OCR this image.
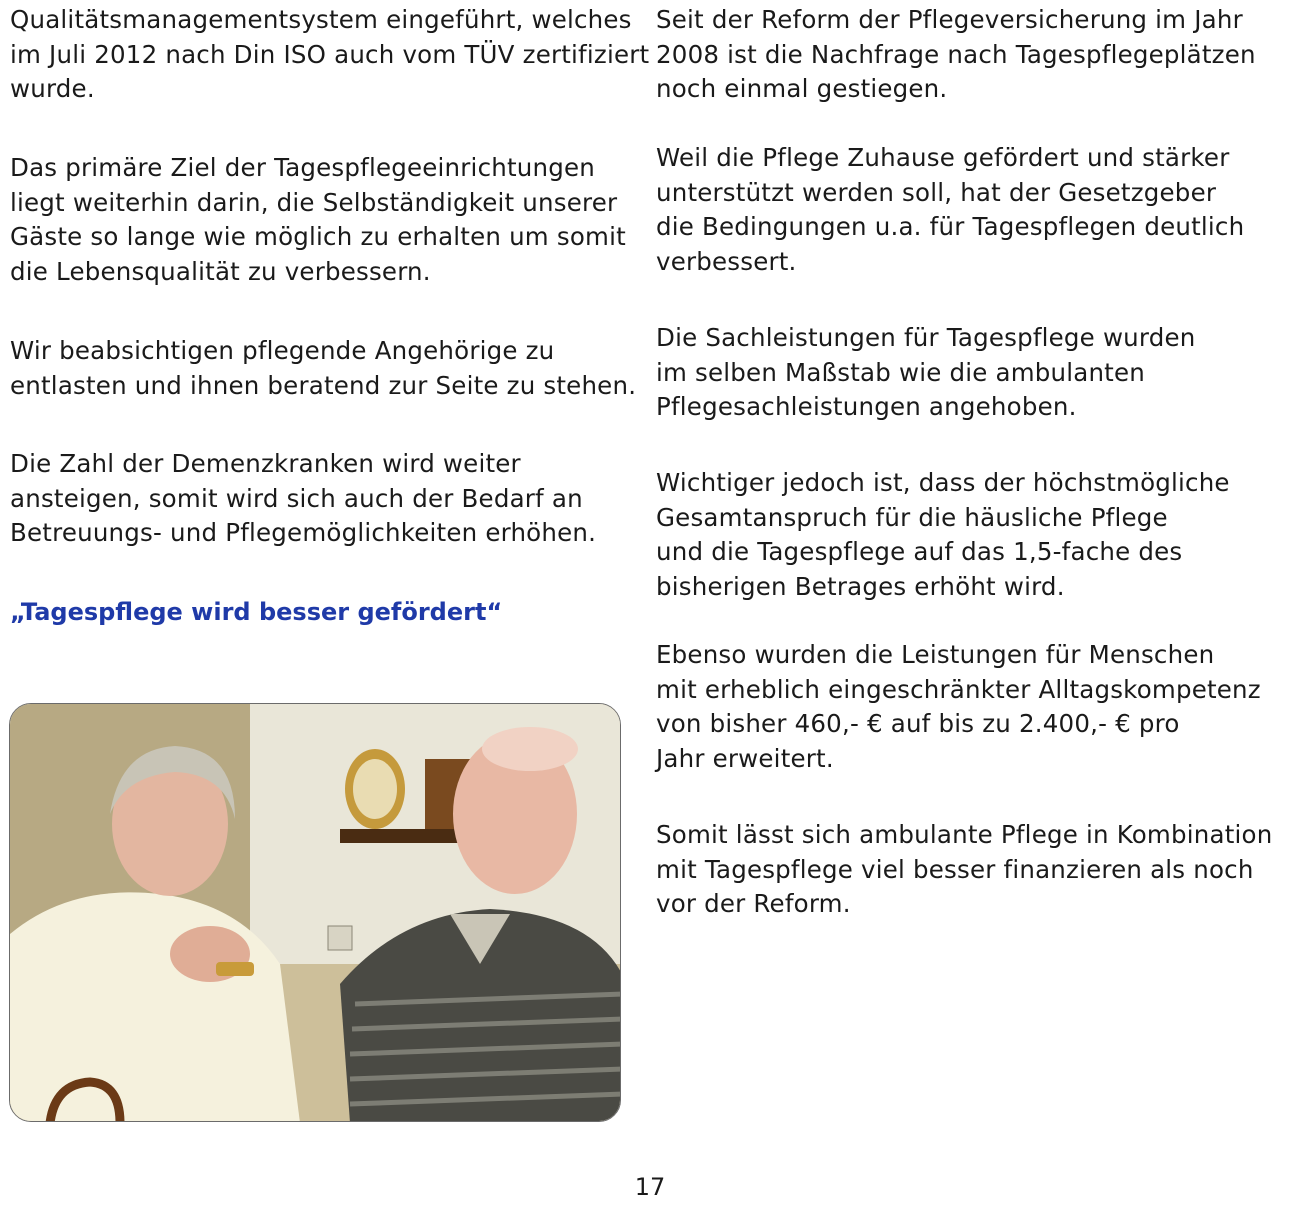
Qualitätsmanagementsystem eingeführt, welches
im Juli 2012 nach Din ISO auch vom TÜV zertifiziert
wurde.

Das primäre Ziel der Tagespflegeeinrichtungen
liegt weiterhin darin, die Selbständigkeit unserer
Gäste so lange wie möglich zu erhalten um somit
die Lebensqualität zu verbessern.

Wir beabsichtigen pflegende Angehörige zu
entlasten und ihnen beratend zur Seite zu stehen.

Die Zahl der Demenzkranken wird weiter
ansteigen, somit wird sich auch der Bedarf an
Betreuungs- und Pflegemöglichkeiten erhöhen.

„Tagespflege wird besser gefördert“

Seit der Reform der Pflegeversicherung im Jahr
2008 ist die Nachfrage nach Tagespflegeplätzen
noch einmal gestiegen.

Weil die Pflege Zuhause gefördert und stärker
unterstützt werden soll, hat der Gesetzgeber
die Bedingungen u.a. für Tagespflegen deutlich
verbessert.

Die Sachleistungen für Tagespflege wurden
im selben Maßstab wie die ambulanten
Pflegesachleistungen angehoben.

Wichtiger jedoch ist, dass der höchstmögliche
Gesamtanspruch für die häusliche Pflege
und die Tagespflege auf das 1,5-fache des
bisherigen Betrages erhöht wird.

Ebenso wurden die Leistungen für Menschen
mit erheblich eingeschränkter Alltagskompetenz
von bisher 460,- € auf bis zu 2.400,- € pro
Jahr erweitert.

Somit lässt sich ambulante Pflege in Kombination
mit Tagespflege viel besser finanzieren als noch
vor der Reform.

17
